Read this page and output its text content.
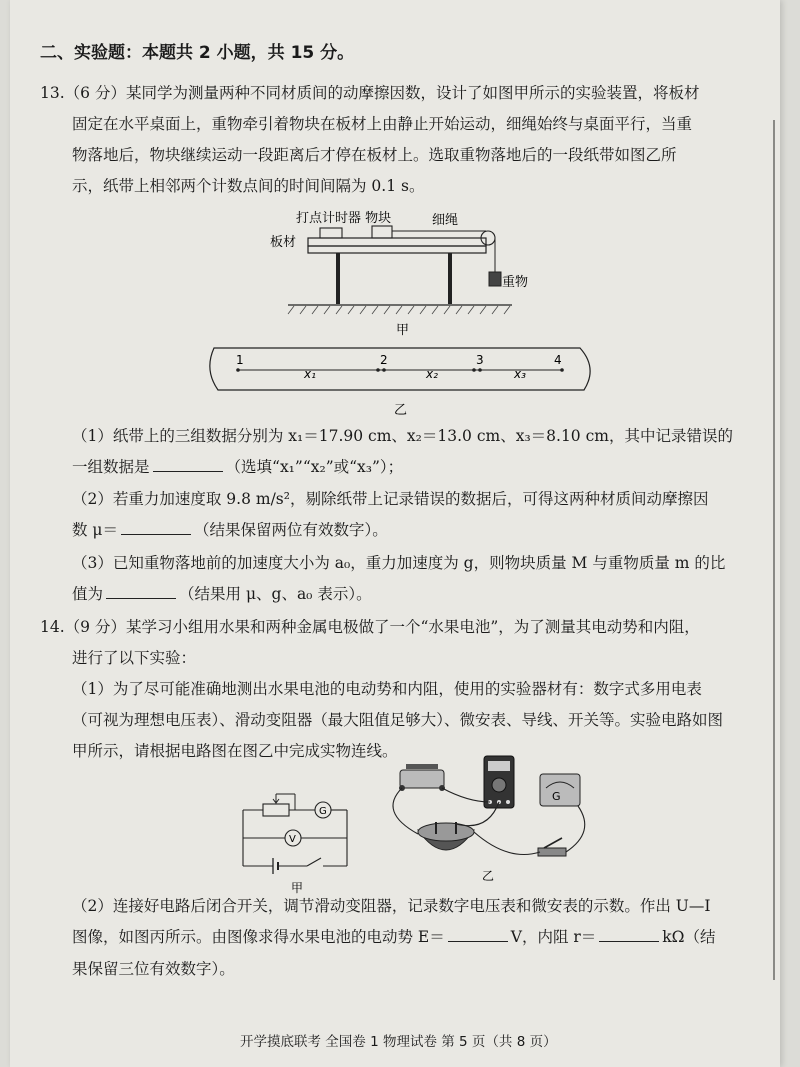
二、实验题：本题共 2 小题，共 15 分。
13.（6 分）某同学为测量两种不同材质间的动摩擦因数，设计了如图甲所示的实验装置，将板材
固定在水平桌面上，重物牵引着物块在板材上由静止开始运动，细绳始终与桌面平行，当重
物落地后，物块继续运动一段距离后才停在板材上。选取重物落地后的一段纸带如图乙所
示，纸带上相邻两个计数点间的时间间隔为 0.1 s。
打点计时器 物块	细绳
板材
重物
甲
1	2	3	4
x₁	x₂	x₃
乙
（1）纸带上的三组数据分别为 x₁＝17.90 cm、x₂＝13.0 cm、x₃＝8.10 cm，其中记录错误的
一组数据是	（选填“x₁”“x₂”或“x₃”）；
（2）若重力加速度取 9.8 m/s²，剔除纸带上记录错误的数据后，可得这两种材质间动摩擦因
数 μ＝	（结果保留两位有效数字）。
（3）已知重物落地前的加速度大小为 a₀，重力加速度为 g，则物块质量 M 与重物质量 m 的比
值为	（结果用 μ、g、a₀ 表示）。
14.（9 分）某学习小组用水果和两种金属电极做了一个“水果电池”，为了测量其电动势和内阻，
进行了以下实验：
（1）为了尽可能准确地测出水果电池的电动势和内阻，使用的实验器材有：数字式多用电表
（可视为理想电压表）、滑动变阻器（最大阻值足够大）、微安表、导线、开关等。实验电路如图
甲所示，请根据电路图在图乙中完成实物连线。
G
V
甲
G
乙
（2）连接好电路后闭合开关，调节滑动变阻器，记录数字电压表和微安表的示数。作出 U—I
图像，如图丙所示。由图像求得水果电池的电动势 E＝	V，内阻 r＝	kΩ（结
果保留三位有效数字）。
开学摸底联考 全国卷 1 物理试卷 第 5 页（共 8 页）
